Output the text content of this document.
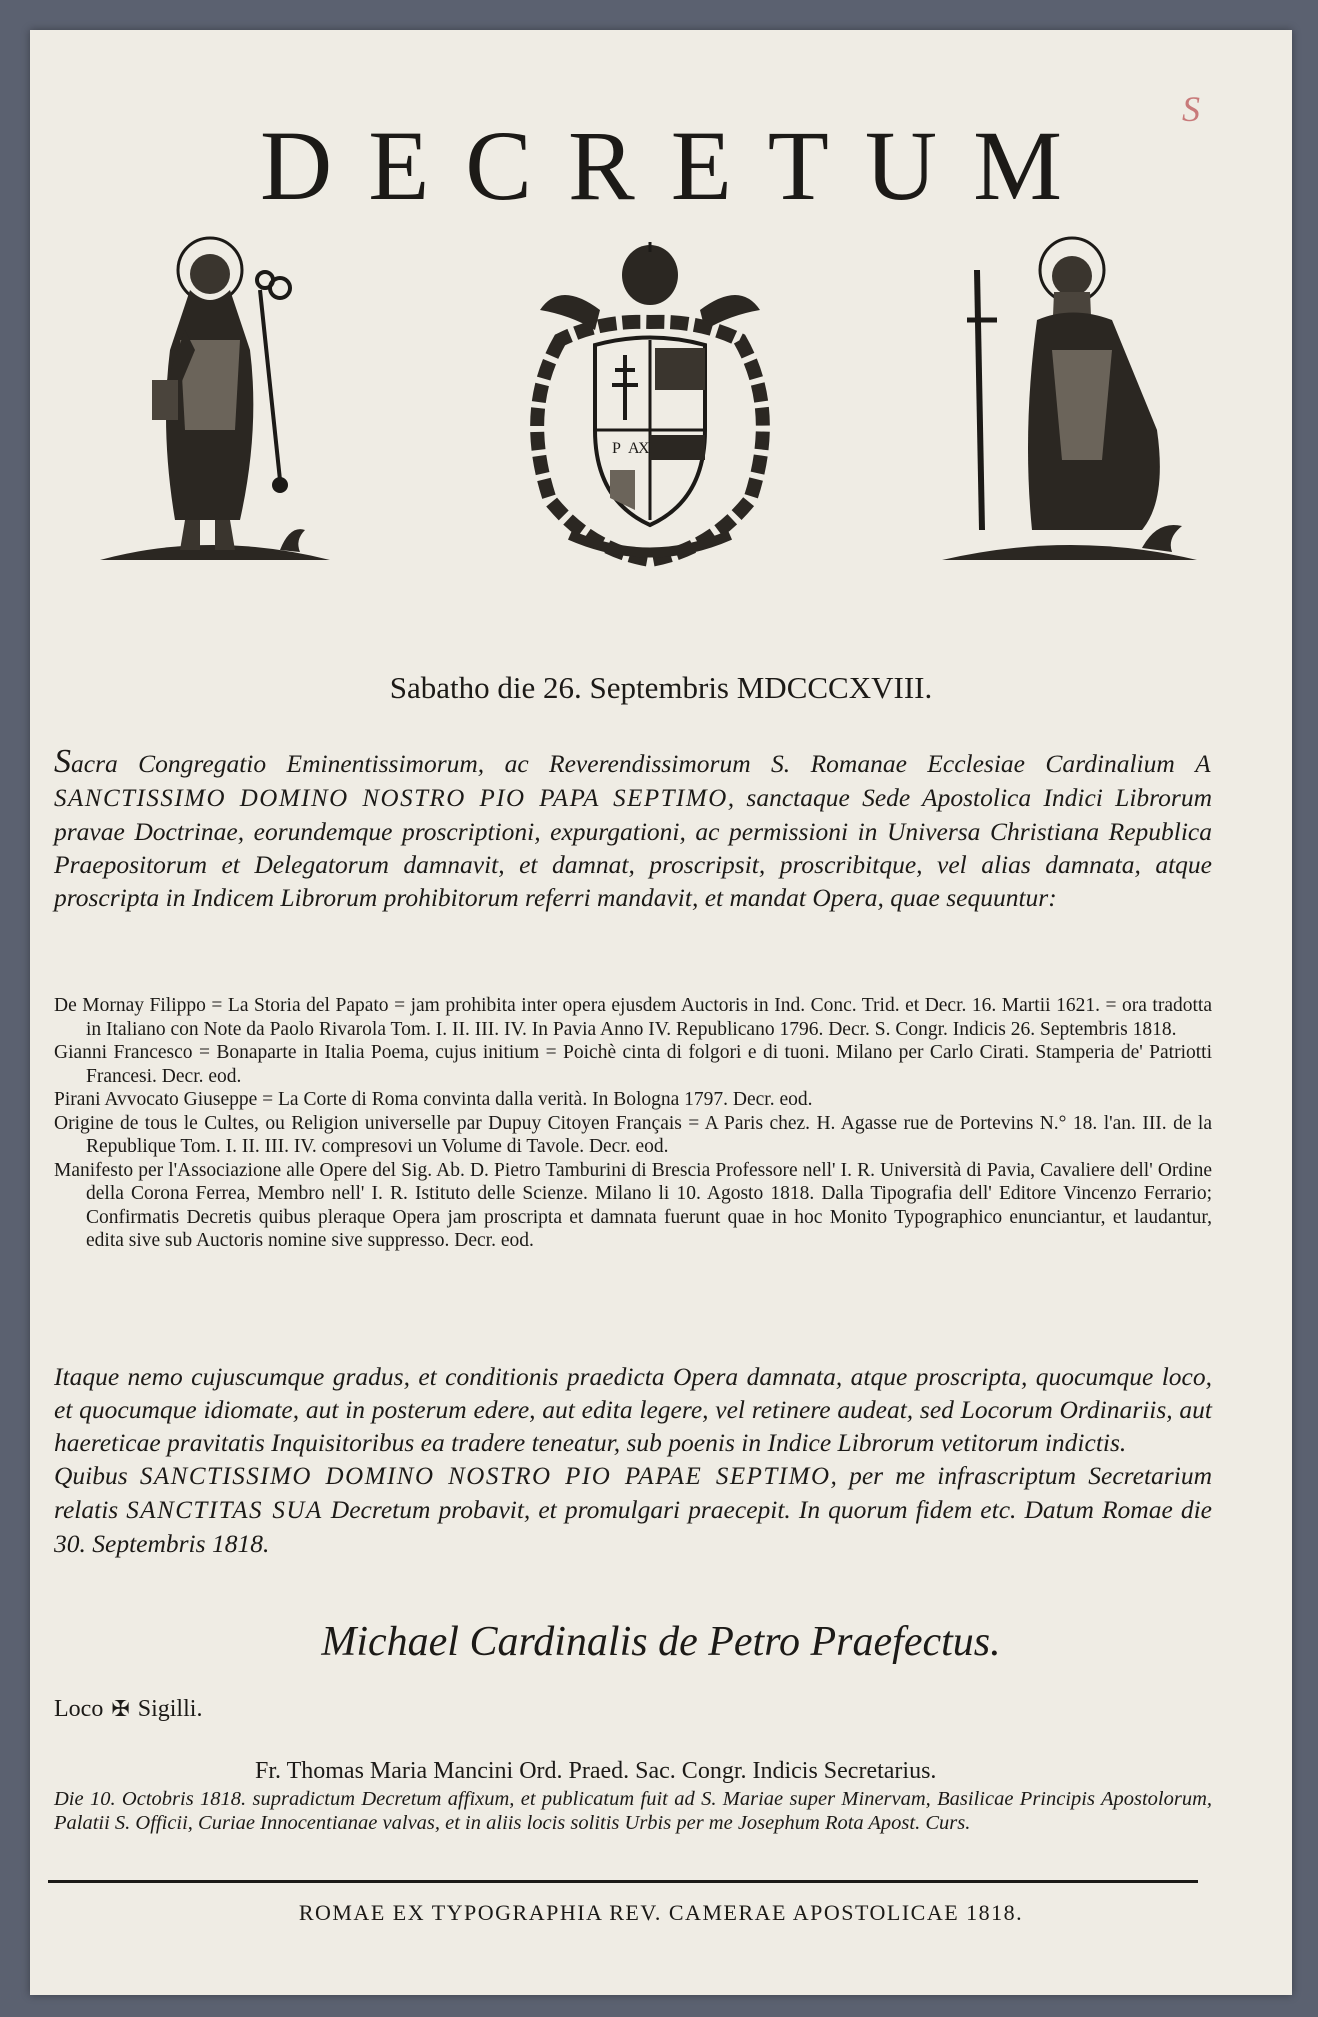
S
DECRETUM
P A
X
Sabatho die 26. Septembris MDCCCXVIII.

Sacra Congregatio Eminentissimorum, ac Reverendissimorum S. Romanae Ecclesiae Cardinalium A SANCTISSIMO DOMINO NOSTRO PIO PAPA SEPTIMO, sanctaque Sede Apostolica Indici Librorum pravae Doctrinae, eorundemque proscriptioni, expurgationi, ac permissioni in Universa Christiana Republica Praepositorum et Delegatorum damnavit, et damnat, proscripsit, proscribitque, vel alias damnata, atque proscripta in Indicem Librorum prohibitorum referri mandavit, et mandat Opera, quae sequuntur:

De Mornay Filippo = La Storia del Papato = jam prohibita inter opera ejusdem Auctoris in Ind. Conc. Trid. et Decr. 16. Martii 1621. = ora tradotta in Italiano con Note da Paolo Rivarola Tom. I. II. III. IV. In Pavia Anno IV. Republicano 1796. Decr. S. Congr. Indicis 26. Septembris 1818.

Gianni Francesco = Bonaparte in Italia Poema, cujus initium = Poichè cinta di folgori e di tuoni. Milano per Carlo Cirati. Stamperia de' Patriotti Francesi. Decr. eod.

Pirani Avvocato Giuseppe = La Corte di Roma convinta dalla verità. In Bologna 1797. Decr. eod.

Origine de tous le Cultes, ou Religion universelle par Dupuy Citoyen Français = A Paris chez. H. Agasse rue de Portevins N.° 18. l'an. III. de la Republique Tom. I. II. III. IV. compresovi un Volume di Tavole. Decr. eod.

Manifesto per l'Associazione alle Opere del Sig. Ab. D. Pietro Tamburini di Brescia Professore nell' I. R. Università di Pavia, Cavaliere dell' Ordine della Corona Ferrea, Membro nell' I. R. Istituto delle Scienze. Milano li 10. Agosto 1818. Dalla Tipografia dell' Editore Vincenzo Ferrario; Confirmatis Decretis quibus pleraque Opera jam proscripta et damnata fuerunt quae in hoc Monito Typographico enunciantur, et laudantur, edita sive sub Auctoris nomine sive suppresso. Decr. eod.

Itaque nemo cujuscumque gradus, et conditionis praedicta Opera damnata, atque proscripta, quocumque loco, et quocumque idiomate, aut in posterum edere, aut edita legere, vel retinere audeat, sed Locorum Ordinariis, aut haereticae pravitatis Inquisitoribus ea tradere teneatur, sub poenis in Indice Librorum vetitorum indictis.
Quibus SANCTISSIMO DOMINO NOSTRO PIO PAPAE SEPTIMO, per me infrascriptum Secretarium relatis SANCTITAS SUA Decretum probavit, et promulgari praecepit. In quorum fidem etc. Datum Romae die 30. Septembris 1818.

Michael Cardinalis de Petro Praefectus.
Loco ✠ Sigilli.
Fr. Thomas Maria Mancini Ord. Praed. Sac. Congr. Indicis Secretarius.

Die 10. Octobris 1818. supradictum Decretum affixum, et publicatum fuit ad S. Mariae super Minervam, Basilicae Principis Apostolorum, Palatii S. Officii, Curiae Innocentianae valvas, et in aliis locis solitis Urbis per me Josephum Rota Apost. Curs.

ROMAE EX TYPOGRAPHIA REV. CAMERAE APOSTOLICAE 1818.
